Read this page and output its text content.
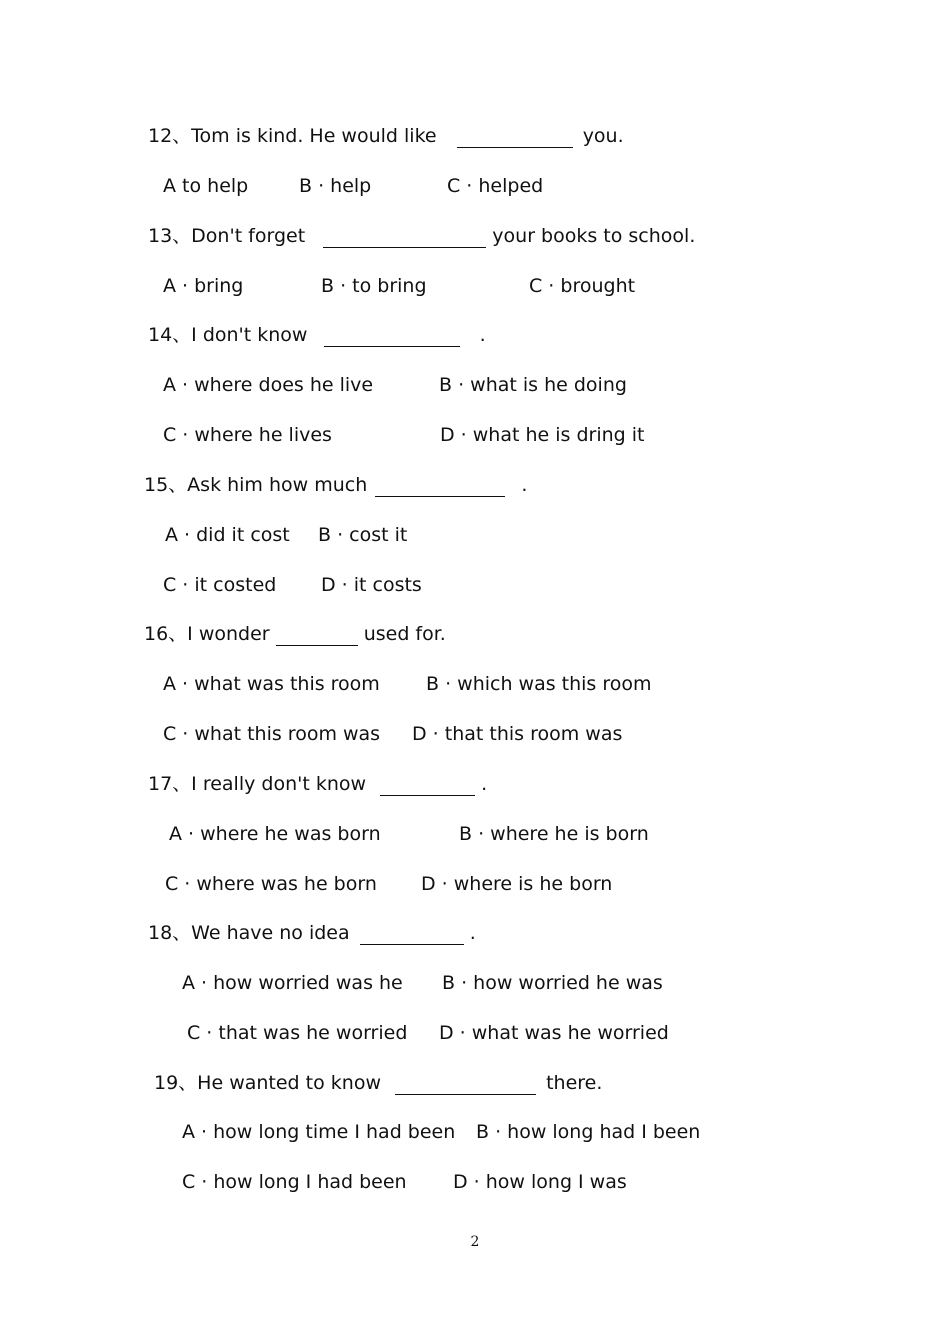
12、Tom is kind. He would like	you.
A to help	B · help	C · helped
13、Don't forget	your books to school.
A · bring	B · to bring	C · brought
14、I don't know	.
A · where does he live	B · what is he doing
C · where he lives	D · what he is dring it
15、Ask him how much	.
A · did it cost B · cost it
C · it costed D · it costs
16、I wonder	used for.
A · what was this room B · which was this room
C · what this room was D · that this room was
17、I really don't know	.
A · where he was born	B · where he is born
C · where was he born D · where is he born
18、We have no idea	.
A · how worried was he B · how worried he was
C · that was he worried D · what was he worried
19、He wanted to know	there.
A · how long time I had been B · how long had I been
C · how long I had been D · how long I was
2
